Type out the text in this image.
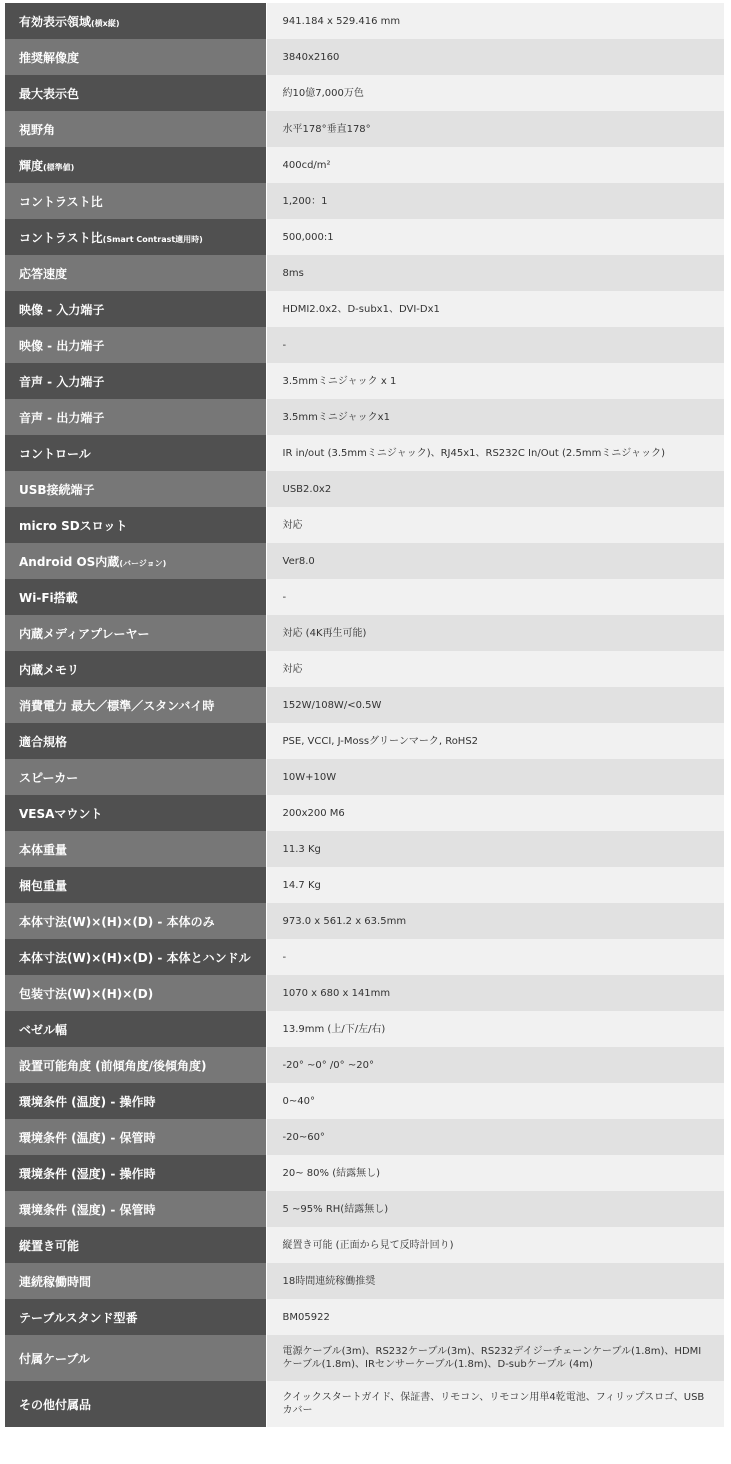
有効表示領域(横x縦)	941.184 x 529.416 mm
推奨解像度	3840x2160
最大表示色	約10億7,000万色
視野角	水平178°垂直178°
輝度(標準値)	400cd/m²
コントラスト比	1,200：1
コントラスト比(Smart Contrast適用時)	500,000:1
応答速度	8ms
映像 - 入力端子	HDMI2.0x2、D-subx1、DVI-Dx1
映像 - 出力端子	-
音声 - 入力端子	3.5mmミニジャック x 1
音声 - 出力端子	3.5mmミニジャックx1
コントロール	IR in/out (3.5mmミニジャック)、RJ45x1、RS232C In/Out (2.5mmミニジャック)
USB接続端子	USB2.0x2
micro SDスロット	対応
Android OS内蔵(バージョン)	Ver8.0
Wi-Fi搭載	-
内蔵メディアプレーヤー	対応 (4K再生可能)
内蔵メモリ	対応
消費電力 最大／標準／スタンバイ時	152W/108W/<0.5W
適合規格	PSE, VCCI, J-Mossグリーンマーク, RoHS2
スピーカー	10W+10W
VESAマウント	200x200 M6
本体重量	11.3 Kg
梱包重量	14.7 Kg
本体寸法(W)×(H)×(D) - 本体のみ	973.0 x 561.2 x 63.5mm
本体寸法(W)×(H)×(D) - 本体とハンドル	-
包装寸法(W)×(H)×(D)	1070 x 680 x 141mm
ベゼル幅	13.9mm (上/下/左/右)
設置可能角度 (前傾角度/後傾角度)	-20° ~0° /0° ~20°
環境条件 (温度) - 操作時	0~40°
環境条件 (温度) - 保管時	-20~60°
環境条件 (湿度) - 操作時	20~ 80% (結露無し)
環境条件 (湿度) - 保管時	5 ~95% RH(結露無し)
縦置き可能	縦置き可能 (正面から見て反時計回り)
連続稼働時間	18時間連続稼働推奨
テーブルスタンド型番	BM05922
付属ケーブル	電源ケーブル(3m)、RS232ケーブル(3m)、RS232デイジーチェーンケーブル(1.8m)、HDMIケーブル(1.8m)、IRセンサーケーブル(1.8m)、D-subケーブル (4m)
その他付属品	クイックスタートガイド、保証書、リモコン、リモコン用単4乾電池、フィリップスロゴ、USBカバー
